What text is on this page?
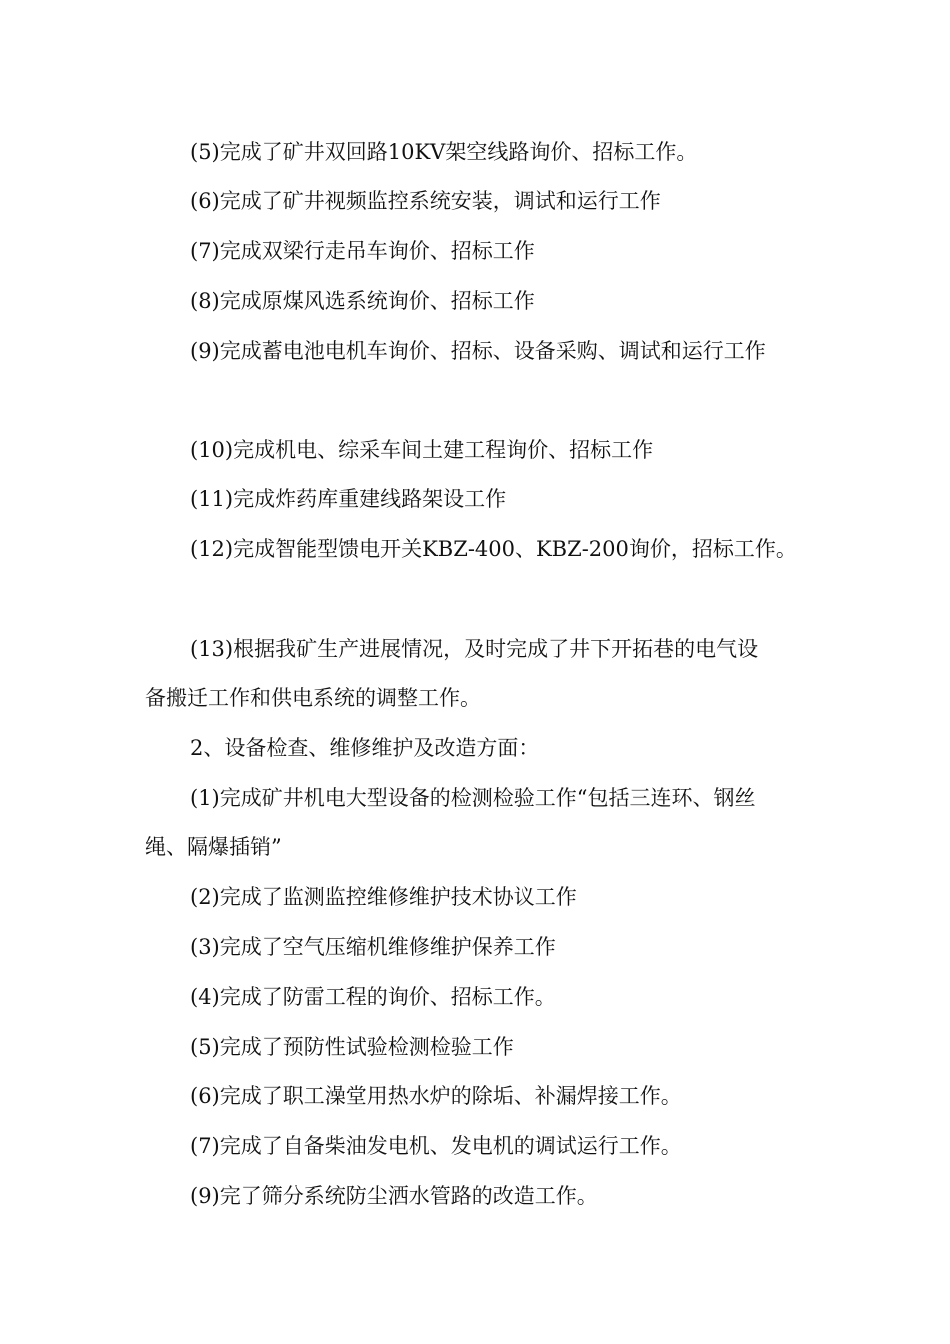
(5)完成了矿井双回路10KV架空线路询价、招标工作。
(6)完成了矿井视频监控系统安装，调试和运行工作
(7)完成双梁行走吊车询价、招标工作
(8)完成原煤风选系统询价、招标工作
(9)完成蓄电池电机车询价、招标、设备采购、调试和运行工作
(10)完成机电、综采车间土建工程询价、招标工作
(11)完成炸药库重建线路架设工作
(12)完成智能型馈电开关KBZ-400、KBZ-200询价，招标工作。
(13)根据我矿生产进展情况，及时完成了井下开拓巷的电气设
备搬迁工作和供电系统的调整工作。
2、设备检查、维修维护及改造方面：
(1)完成矿井机电大型设备的检测检验工作“包括三连环、钢丝
绳、隔爆插销”
(2)完成了监测监控维修维护技术协议工作
(3)完成了空气压缩机维修维护保养工作
(4)完成了防雷工程的询价、招标工作。
(5)完成了预防性试验检测检验工作
(6)完成了职工澡堂用热水炉的除垢、补漏焊接工作。
(7)完成了自备柴油发电机、发电机的调试运行工作。
(9)完了筛分系统防尘洒水管路的改造工作。
